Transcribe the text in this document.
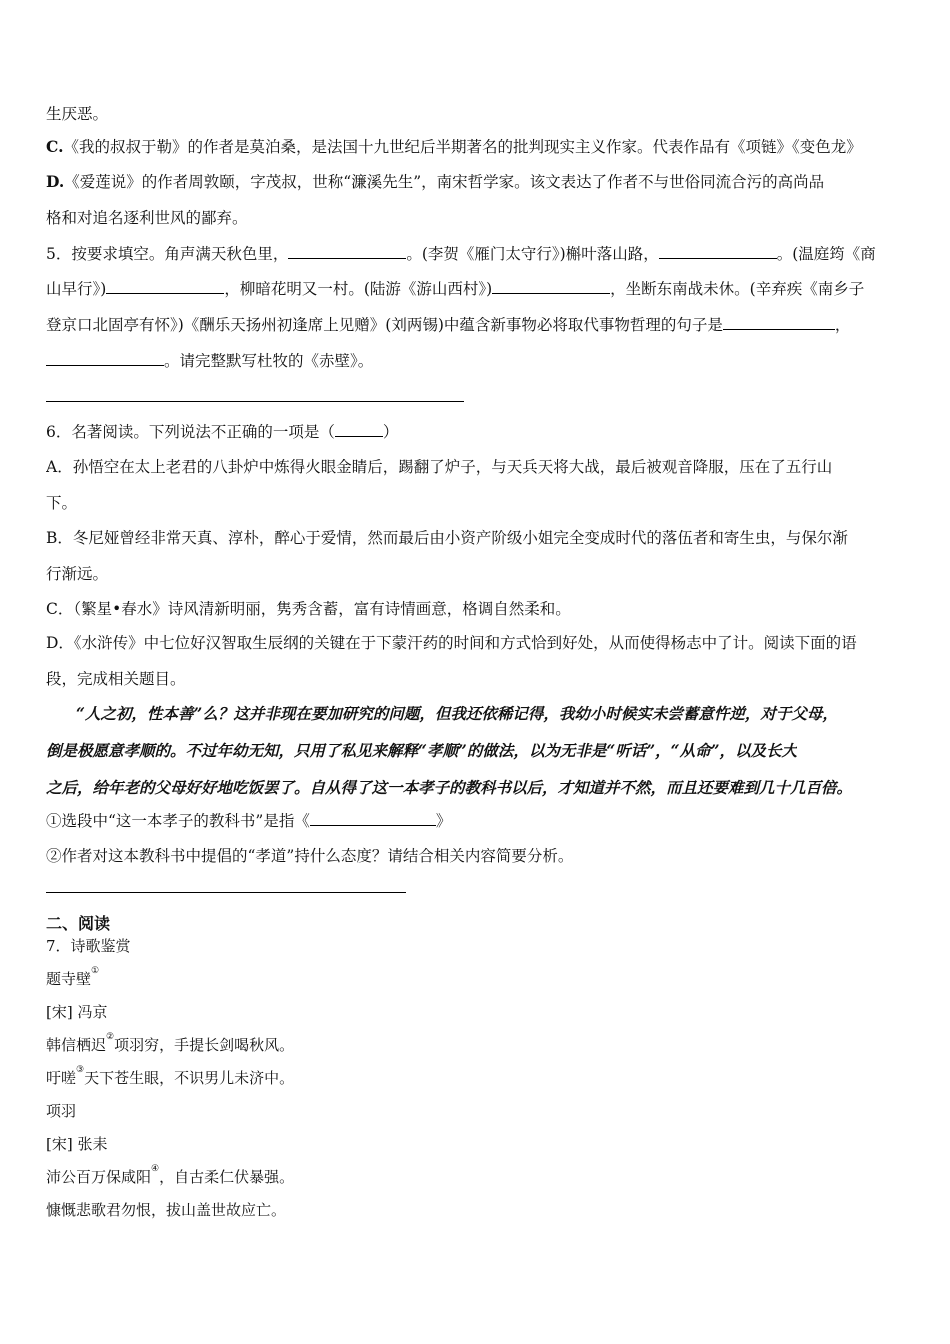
生厌恶。
C.《我的叔叔于勒》的作者是莫泊桑，是法国十九世纪后半期著名的批判现实主义作家。代表作品有《项链》《变色龙》
D.《爱莲说》的作者周敦颐，字茂叔，世称“濂溪先生”，南宋哲学家。该文表达了作者不与世俗同流合污的高尚品
格和对追名逐利世风的鄙弃。
5．按要求填空。角声满天秋色里，	。(李贺《雁门太守行》)槲叶落山路，	。(温庭筠《商
山早行》)	，柳暗花明又一村。(陆游《游山西村》)	，坐断东南战未休。(辛弃疾《南乡子
登京口北固亭有怀》)《酬乐天扬州初逢席上见赠》(刘两锡)中蕴含新事物必将取代事物哲理的句子是	，
。请完整默写杜牧的《赤壁》。
6．名著阅读。下列说法不正确的一项是（	）
A．孙悟空在太上老君的八卦炉中炼得火眼金睛后，踢翻了炉子，与天兵天将大战，最后被观音降服，压在了五行山
下。
B．冬尼娅曾经非常天真、淳朴，醉心于爱情，然而最后由小资产阶级小姐完全变成时代的落伍者和寄生虫，与保尔渐
行渐远。
C．（繁星•春水》诗风清新明丽，隽秀含蓄，富有诗情画意，格调自然柔和。
D．《水浒传》中七位好汉智取生辰纲的关键在于下蒙汗药的时间和方式恰到好处，从而使得杨志中了计。阅读下面的语
段，完成相关题目。
“人之初，性本善”么？这并非现在要加研究的问题，但我还依稀记得，我幼小时候实未尝蓄意忤逆，对于父母，
倒是极愿意孝顺的。不过年幼无知，只用了私见来解释“孝顺”的做法，以为无非是“听话”，“从命”，以及长大
之后，给年老的父母好好地吃饭罢了。自从得了这一本孝子的教科书以后，才知道并不然，而且还要难到几十几百倍。
①选段中“这一本孝子的教科书”是指《	》
②作者对这本教科书中提倡的“孝道”持什么态度？请结合相关内容简要分析。
二、阅读
7．诗歌鉴赏
题寺壁①
[宋] 冯京
韩信栖迟②项羽穷，手提长剑喝秋风。
吁嗟③天下苍生眼，不识男儿未济中。
项羽
[宋] 张耒
沛公百万保咸阳④，自古柔仁伏暴强。
慷慨悲歌君勿恨，拔山盖世故应亡。
